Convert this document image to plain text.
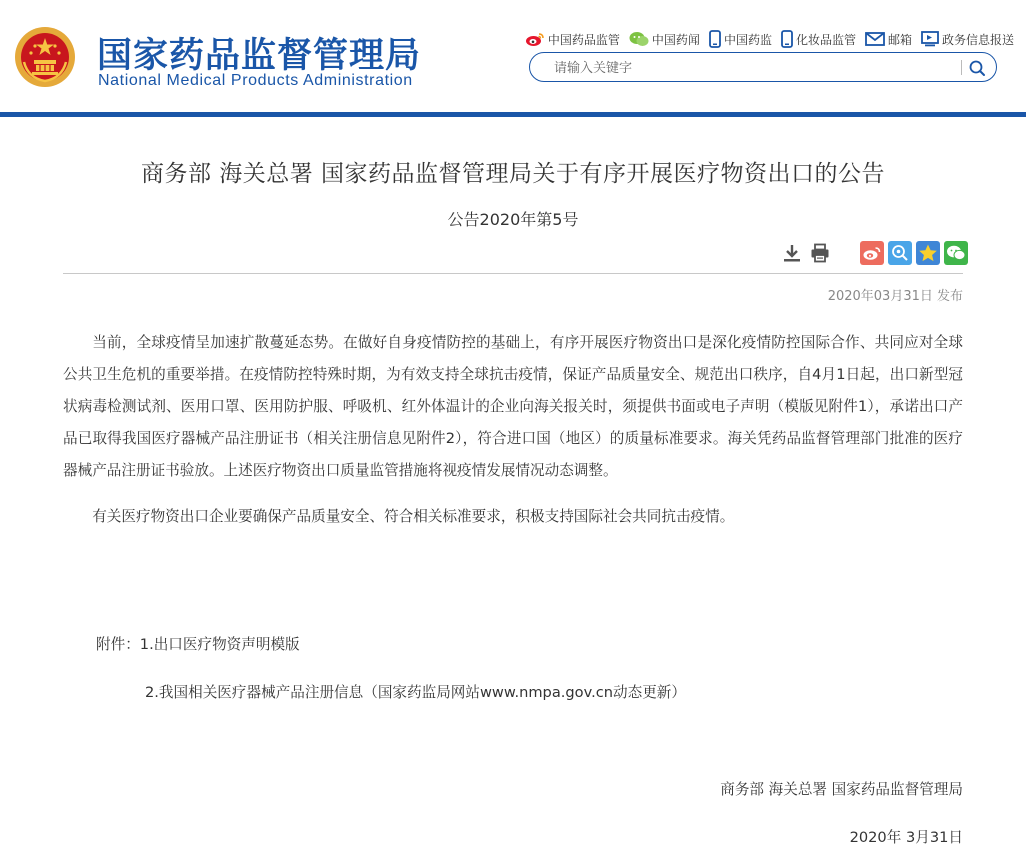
国家药品监督管理局
National Medical Products Administration
中国药品监管	中国药闻 中国药监 化妆品监管	邮箱	政务信息报送
请输入关键字
商务部 海关总署 国家药品监督管理局关于有序开展医疗物资出口的公告
公告2020年第5号
2020年03月31日 发布

当前，全球疫情呈加速扩散蔓延态势。在做好自身疫情防控的基础上，有序开展医疗物资出口是深化疫情防控国际合作、共同应对全球公共卫生危机的重要举措。在疫情防控特殊时期，为有效支持全球抗击疫情，保证产品质量安全、规范出口秩序，自4月1日起，出口新型冠状病毒检测试剂、医用口罩、医用防护服、呼吸机、红外体温计的企业向海关报关时，须提供书面或电子声明（模版见附件1），承诺出口产品已取得我国医疗器械产品注册证书（相关注册信息见附件2），符合进口国（地区）的质量标准要求。海关凭药品监督管理部门批准的医疗器械产品注册证书验放。上述医疗物资出口质量监管措施将视疫情发展情况动态调整。

有关医疗物资出口企业要确保产品质量安全、符合相关标准要求，积极支持国际社会共同抗击疫情。

附件：1.出口医疗物资声明模版
2.我国相关医疗器械产品注册信息（国家药监局网站www.nmpa.gov.cn动态更新）
商务部 海关总署 国家药品监督管理局
2020年 3月31日
